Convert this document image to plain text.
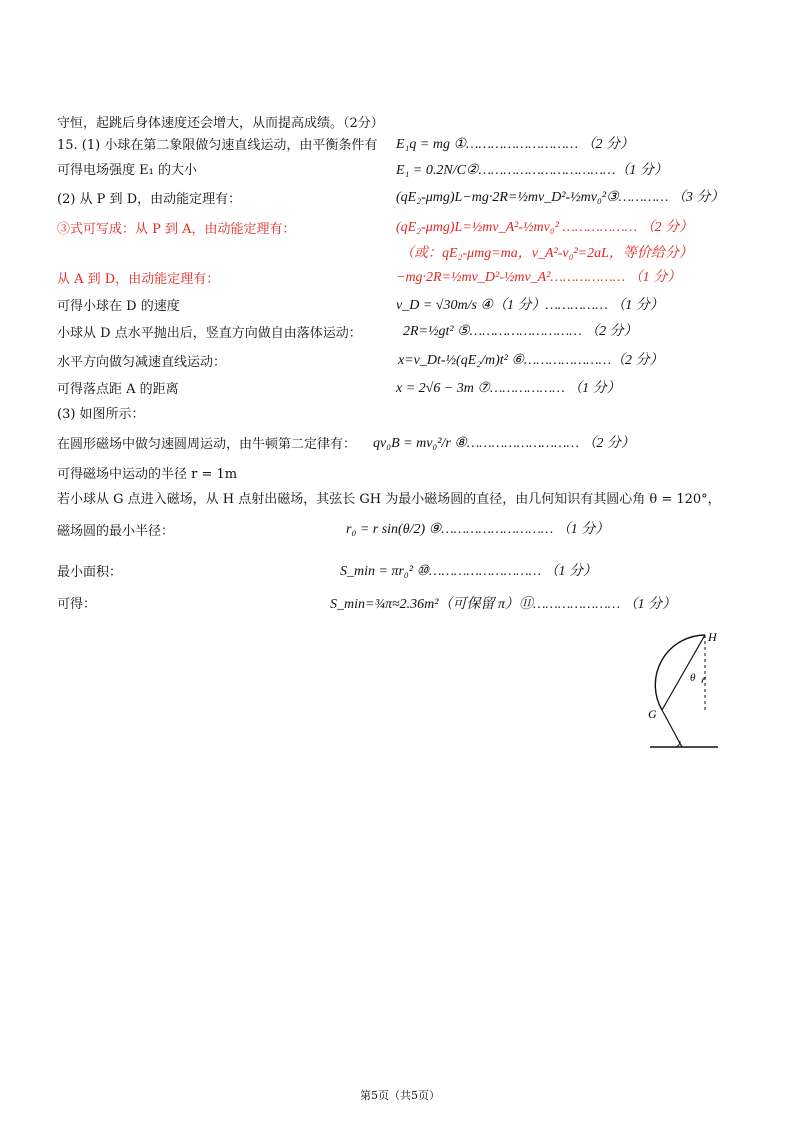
守恒，起跳后身体速度还会增大，从而提高成绩。（2分）
15. (1) 小球在第二象限做匀速直线运动，由平衡条件有 E₁q = mg ①……………………… （2 分）
可得电场强度 E₁ 的大小	E₁ = 0.2N/C②……………………………（1 分）
(2) 从 P 到 D，由动能定理有：	(qE₂-μmg)L−mg·2R=½mv_D²-½mv₀²③………… （3 分）
③式可写成：从 P 到 A，由动能定理有：	(qE₂-μmg)L=½mv_A²-½mv₀² ……………… （2 分）
（或：qE₂-μmg=ma，v_A²-v₀²=2aL，等价给分）
从 A 到 D，由动能定理有：	−mg·2R=½mv_D²-½mv_A²……………… （1 分）
可得小球在 D 的速度	v_D = √30m/s ④（1 分）…………… （1 分）
小球从 D 点水平抛出后，竖直方向做自由落体运动：	2R=½gt² ⑤……………………… （2 分）
水平方向做匀减速直线运动：	x=v_Dt-½(qE₂/m)t² ⑥…………………（2 分）
可得落点距 A 的距离	x = 2√6 − 3m ⑦……………… （1 分）
(3) 如图所示：
在圆形磁场中做匀速圆周运动，由牛顿第二定律有： qv₀B = mv₀²/r ⑧……………………… （2 分）
可得磁场中运动的半径 r = 1m
若小球从 G 点进入磁场，从 H 点射出磁场，其弦长 GH 为最小磁场圆的直径，由几何知识有其圆心角 θ = 120°，
磁场圆的最小半径：	r₀ = r sin(θ/2) ⑨……………………… （1 分）
最小面积：	S_min = πr₀² ⑩……………………… （1 分）
可得：	S_min=¾π≈2.36m²（可保留 π）⑪………………… （1 分）
H
G
θ
第5页（共5页）
